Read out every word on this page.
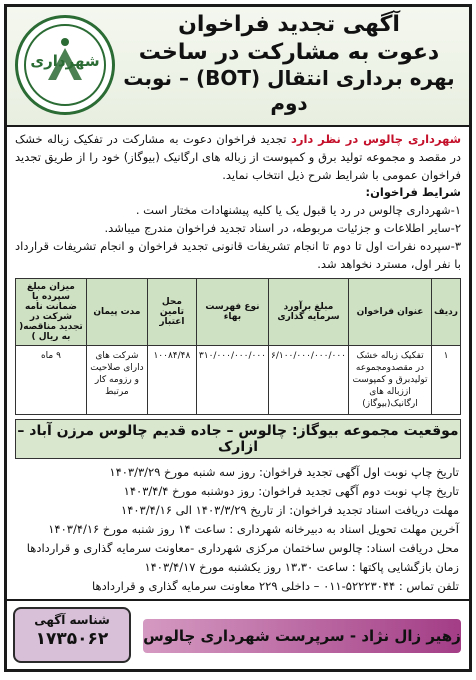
آگهی تجدید فراخوان
دعوت به مشارکت در ساخت
بهره برداری انتقال (BOT) – نوبت دوم
شهرداری
شهرداری چالوس در نظر دارد تجدید فراخوان دعوت به مشارکت در تفکیک زباله خشک در مقصد و مجموعه تولید برق و کمپوست از زباله های ارگانیک (بیوگاز) خود را از طریق تجدید فراخوان عمومی با شرایط شرح ذیل انتخاب نماید.
شرایط فراخوان:
۱-شهرداری چالوس در رد یا قبول یک یا کلیه پیشنهادات مختار است .
۲-سایر اطلاعات و جزئیات مربوطه، در اسناد تجدید فراخوان مندرج میباشد.
۳-سپرده نفرات اول تا دوم تا انجام تشریفات قانونی تجدید فراخوان و انجام تشریفات قرارداد با نفر اول، مسترد نخواهد شد.
ردیف	عنوان فراخوان	مبلغ برآورد سرمایه گذاری	نوع فهرست بهاء	محل تامین اعتبار	مدت پیمان	میزان مبلغ سپرده یا ضمانت نامه شرکت در تجدید مناقصه( به ریال )
۱	تفکیک زباله خشک در مقصدومجموعه تولیدبرق و کمپوست اززباله های ارگانیک(بیوگاز)	۶/۱۰۰/۰۰۰/۰۰۰/۰۰۰	۳۱۰/۰۰۰/۰۰۰/۰۰۰	۱۰۰۸۴/۴۸	شرکت های دارای صلاحیت و رزومه کار مرتبط	۹ ماه
موقعیت مجموعه بیوگاز: چالوس – جاده قدیم چالوس مرزن آباد – ازارک
تاریخ چاپ نوبت اول آگهی تجدید فراخوان: روز سه شنبه مورخ ۱۴۰۳/۳/۲۹
تاریخ چاپ نوبت دوم آگهی تجدید فراخوان: روز دوشنبه مورخ ۱۴۰۳/۴/۴
مهلت دریافت اسناد تجدید فراخوان: از تاریخ ۱۴۰۳/۳/۲۹ الی ۱۴۰۳/۴/۱۶
آخرین مهلت تحویل اسناد به دبیرخانه شهرداری : ساعت ۱۴ روز شنبه مورخ ۱۴۰۳/۴/۱۶
محل دریافت اسناد: چالوس ساختمان مرکزی شهرداری -معاونت سرمایه گذاری و قراردادها
زمان بازگشایی پاکتها : ساعت ۱۳،۳۰ روز یکشنبه مورخ ۱۴۰۳/۴/۱۷
تلفن تماس : ۵۲۲۲۳۰۴۴-۰۱۱ – داخلی ۲۲۹ معاونت سرمایه گذاری و قراردادها
زهیر زال نژاد - سرپرست شهرداری چالوس
شناسه آگهی
۱۷۳۵۰۶۲
